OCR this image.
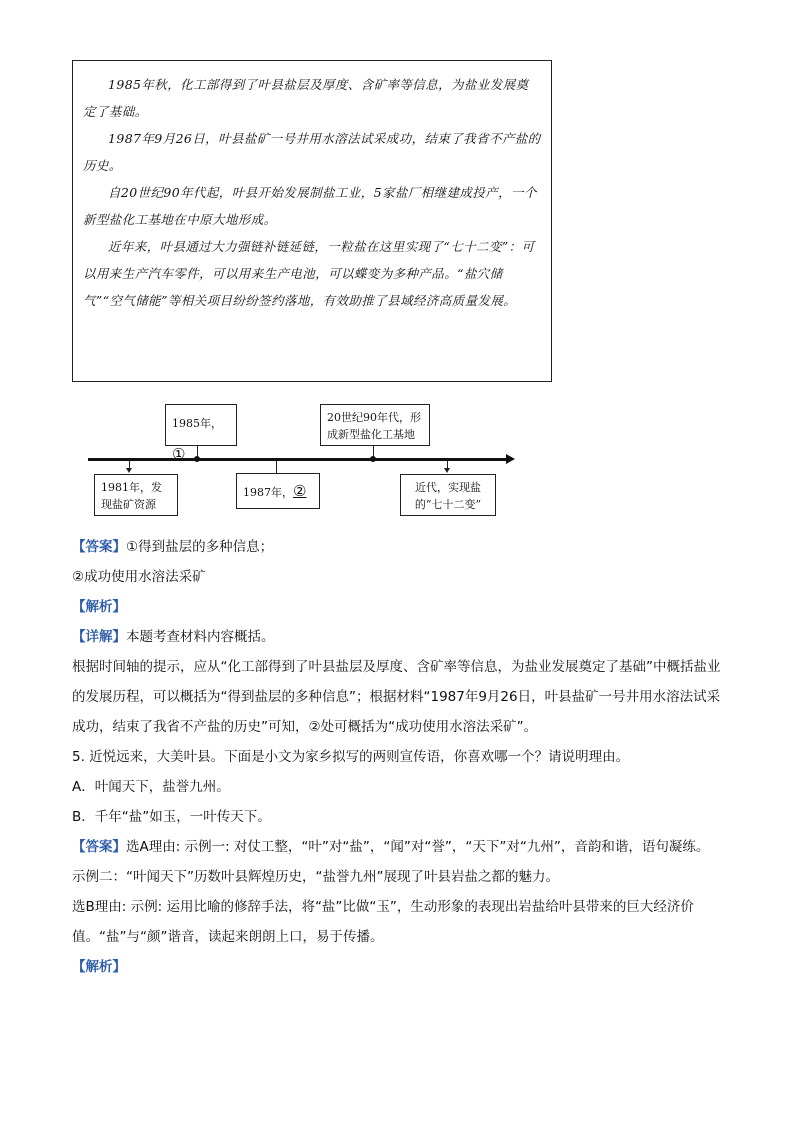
1985年秋，化工部得到了叶县盐层及厚度、含矿率等信息，为盐业发展奠定了基础。

1987年9月26日，叶县盐矿一号井用水溶法试采成功，结束了我省不产盐的历史。

自20世纪90年代起，叶县开始发展制盐工业，5家盐厂相继建成投产，一个新型盐化工基地在中原大地形成。

近年来，叶县通过大力强链补链延链，一粒盐在这里实现了“七十二变”：可以用来生产汽车零件，可以用来生产电池，可以蝶变为多种产品。“盐穴储气”“空气储能”等相关项目纷纷签约落地，有效助推了县域经济高质量发展。

1985年，①
20世纪90年代，形成新型盐化工基地
1981年，发现盐矿资源
1987年，②	近代，实现盐的“七十二变”

【答案】①得到盐层的多种信息；

②成功使用水溶法采矿

【解析】

【详解】本题考查材料内容概括。

根据时间轴的提示，应从“化工部得到了叶县盐层及厚度、含矿率等信息，为盐业发展奠定了基础”中概括盐业的发展历程，可以概括为“得到盐层的多种信息”；根据材料“1987年9月26日，叶县盐矿一号井用水溶法试采成功，结束了我省不产盐的历史”可知，②处可概括为“成功使用水溶法采矿”。

5. 近悦远来，大美叶县。下面是小文为家乡拟写的两则宣传语，你喜欢哪一个？请说明理由。

A．叶闻天下，盐誉九州。

B．千年“盐”如玉，一叶传天下。

【答案】选A理由: 示例一: 对仗工整，“叶”对“盐”，“闻”对“誉”，“天下”对“九州”，音韵和谐，语句凝练。

示例二：“叶闻天下”历数叶县辉煌历史，“盐誉九州”展现了叶县岩盐之都的魅力。

选B理由: 示例: 运用比喻的修辞手法，将“盐”比做“玉”，生动形象的表现出岩盐给叶县带来的巨大经济价值。“盐”与“颜”谐音，读起来朗朗上口，易于传播。

【解析】
